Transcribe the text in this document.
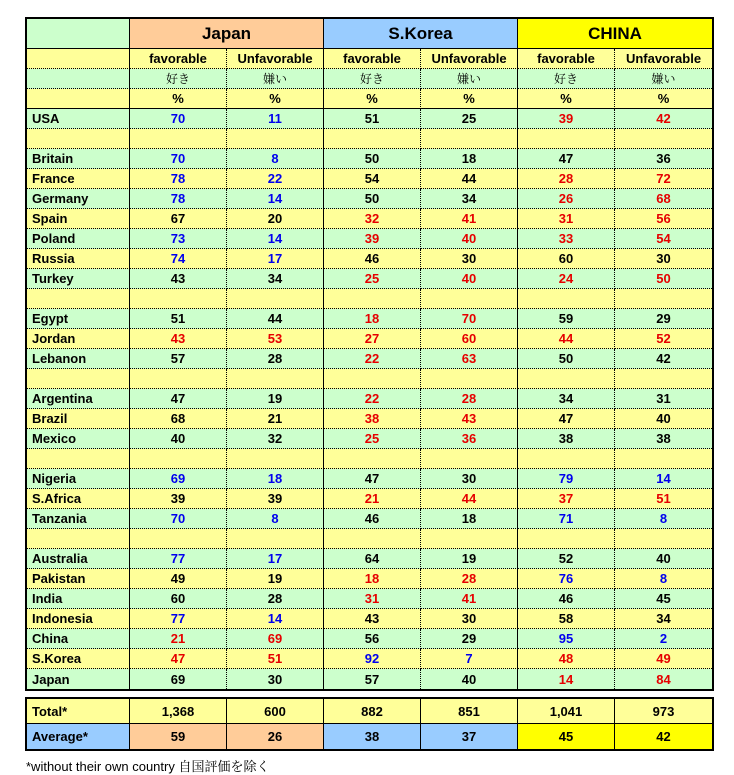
	Japan		S.Korea		CHINA	
	favorable	Unfavorable	favorable	Unfavorable	favorable	Unfavorable
	好き	嫌い	好き	嫌い	好き	嫌い
	%	%	%	%	%	%
USA	70	11	51	25	39	42

Britain	70	8	50	18	47	36
France	78	22	54	44	28	72
Germany	78	14	50	34	26	68
Spain	67	20	32	41	31	56
Poland	73	14	39	40	33	54
Russia	74	17	46	30	60	30
Turkey	43	34	25	40	24	50

Egypt	51	44	18	70	59	29
Jordan	43	53	27	60	44	52
Lebanon	57	28	22	63	50	42

Argentina	47	19	22	28	34	31
Brazil	68	21	38	43	47	40
Mexico	40	32	25	36	38	38

Nigeria	69	18	47	30	79	14
S.Africa	39	39	21	44	37	51
Tanzania	70	8	46	18	71	8

Australia	77	17	64	19	52	40
Pakistan	49	19	18	28	76	8
India	60	28	31	41	46	45
Indonesia	77	14	43	30	58	34
China	21	69	56	29	95	2
S.Korea	47	51	92	7	48	49
Japan	69	30	57	40	14	84
Total*	1,368	600	882	851	1,041	973
Average*	59	26	38	37	45	42

*without their own country 自国評価を除く
